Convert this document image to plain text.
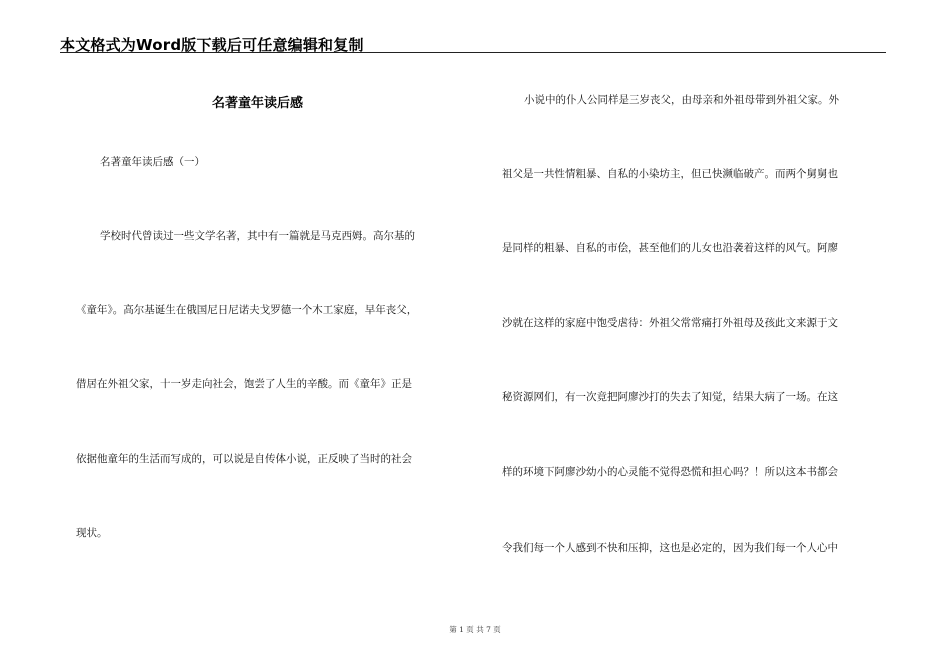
本文格式为Word版下载后可任意编辑和复制
名著童年读后感
名著童年读后感（一）
学校时代曾读过一些文学名著，其中有一篇就是马克西姆。高尔基的
《童年》。高尔基诞生在俄国尼日尼诺夫戈罗德一个木工家庭，早年丧父，
借居在外祖父家，十一岁走向社会，饱尝了人生的辛酸。而《童年》正是
依据他童年的生活而写成的，可以说是自传体小说，正反映了当时的社会
现状。
小说中的仆人公同样是三岁丧父，由母亲和外祖母带到外祖父家。外
祖父是一共性情粗暴、自私的小染坊主，但已快濒临破产。而两个舅舅也
是同样的粗暴、自私的市侩，甚至他们的儿女也沿袭着这样的风气。阿廖
沙就在这样的家庭中饱受虐待：外祖父常常痛打外祖母及孩此文来源于文
秘资源网们，有一次竟把阿廖沙打的失去了知觉，结果大病了一场。在这
样的环境下阿廖沙幼小的心灵能不觉得恐慌和担心吗？！所以这本书都会
令我们每一个人感到不快和压抑，这也是必定的，因为我们每一个人心中
第 1 页 共 7 页
